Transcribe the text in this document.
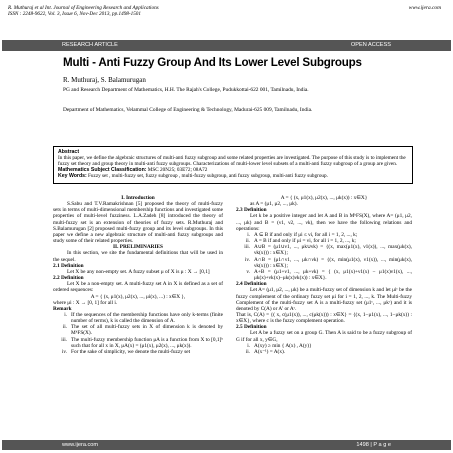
R. Muthuraj et al Int. Journal of Engineering Research and Applications
ISSN : 2248-9622, Vol. 3, Issue 6, Nov-Dec 2013, pp.1498-1501
www.ijera.com
RESEARCH ARTICLE	OPEN ACCESS
Multi - Anti Fuzzy Group And Its Lower Level Subgroups
R. Muthuraj, S. Balamurugan
PG and Research Department of Mathematics, H.H. The Rajah's College, Pudukkottai-622 001, Tamilnadu, India.
Department of Mathematics, Velammal College of Engineering & Technology, Madurai-625 009, Tamilnadu, India.
Abstract
In this paper, we define the algebraic structures of multi-anti fuzzy subgroup and some related properties are investigated. The purpose of this study is to implement the fuzzy set theory and group theory in multi-anti fuzzy subgroups. Characterizations of multi-lower level subsets of a multi-anti fuzzy subgroup of a group are given.
Mathematics Subject Classification: MSC 20N25; 03E72; 08A72
Key Words: Fuzzy set , multi-fuzzy set, fuzzy subgroup , multi-fuzzy subgroup, anti fuzzy subgroup, multi-anti fuzzy subgroup.

I. Introduction

S.Sabu and T.V.Ramakrishnan [5] proposed the theory of multi-fuzzy sets in terms of multi-dimensional membership functions and investigated some properties of multi-level fuzziness. L.A.Zadeh [8] introduced the theory of multi-fuzzy set is an extension of theories of fuzzy sets. R.Muthuraj and S.Balamurugan [2] proposed multi-fuzzy group and its level subgroups. In this paper we define a new algebraic structure of multi-anti fuzzy subgroups and study some of their related properties.

II. PRELIMINARIES

In this section, we site the fundamental definitions that will be used in the sequel.

2.1 Definition

Let X be any non-empty set. A fuzzy subset μ of X is μ : X → [0,1]

2.2 Definition

Let X be a non-empty set. A multi-fuzzy set A in X is defined as a set of ordered sequences:

A = { (x, μ1(x), μ2(x), ..., μi(x), ...) : x∈X },

where μi : X → [0, 1] for all i.

Remark

i. If the sequences of the membership functions have only k-terms (finite number of terms), k is called the dimension of A.
ii. The set of all multi-fuzzy sets in X of dimension k is denoted by MᵏFS(X).
iii. The multi-fuzzy membership function μA is a function from X to [0,1]ᵏ such that for all x in X, μA(x) = (μ1(x), μ2(x), ..., μk(x)).
iv. For the sake of simplicity, we denote the multi-fuzzy set

A = { (x, μ1(x), μ2(x), ..., μk(x)) : x∈X}

as A = (μ1, μ2, ..., μk).

2.3 Definition

Let k be a positive integer and let A and B in MᵏFS(X), where A= (μ1, μ2, ..., μk) and B = (ν1, ν2, ..., νk), then we have the following relations and operations:

i. A ⊆ B if and only if μi ≤ νi, for all i = 1, 2, ..., k;
ii. A = B if and only if μi = νi, for all i = 1, 2, ..., k;
iii. A∪B = (μ1∪ν1, ..., μk∪νk) = {(x, max(μ1(x), ν1(x)), ..., max(μk(x), νk(x))) : x∈X};
iv. A∩B = (μ1∩ν1, ..., μk∩νk) = {(x, min(μ1(x), ν1(x)), ..., min(μk(x), νk(x))) : x∈X};
v. A+B = (μ1+ν1, ..., μk+νk) = { (x, μ1(x)+ν1(x) − μ1(x)ν1(x), ..., μk(x)+νk(x)−μk(x)νk(x)) : x∈X}.

2.4 Definition

Let A= (μ1, μ2, ..., μk) be a multi-fuzzy set of dimension k and let μiᶜ be the fuzzy complement of the ordinary fuzzy set μi for i = 1, 2, ..., k. The Multi-fuzzy Complement of the multi-fuzzy set A is a multi-fuzzy set (μ1ᶜ, ..., μkᶜ) and it is denoted by C(A) or A' or Aᶜ.

That is, C(A) = {( x, c(μ1(x)), ..., c(μk(x))) : x∈X} = {(x, 1−μ1(x), ..., 1−μk(x)) : x∈X}, where c is the fuzzy complement operation.

2.5 Definition

Let A be a fuzzy set on a group G. Then A is said to be a fuzzy subgroup of G if for all x, y∈G,

i. A(xy) ≥ min { A(x) , A(y)}
ii. A(x⁻¹) = A(x).
www.ijera.com	1498 | P a g e
